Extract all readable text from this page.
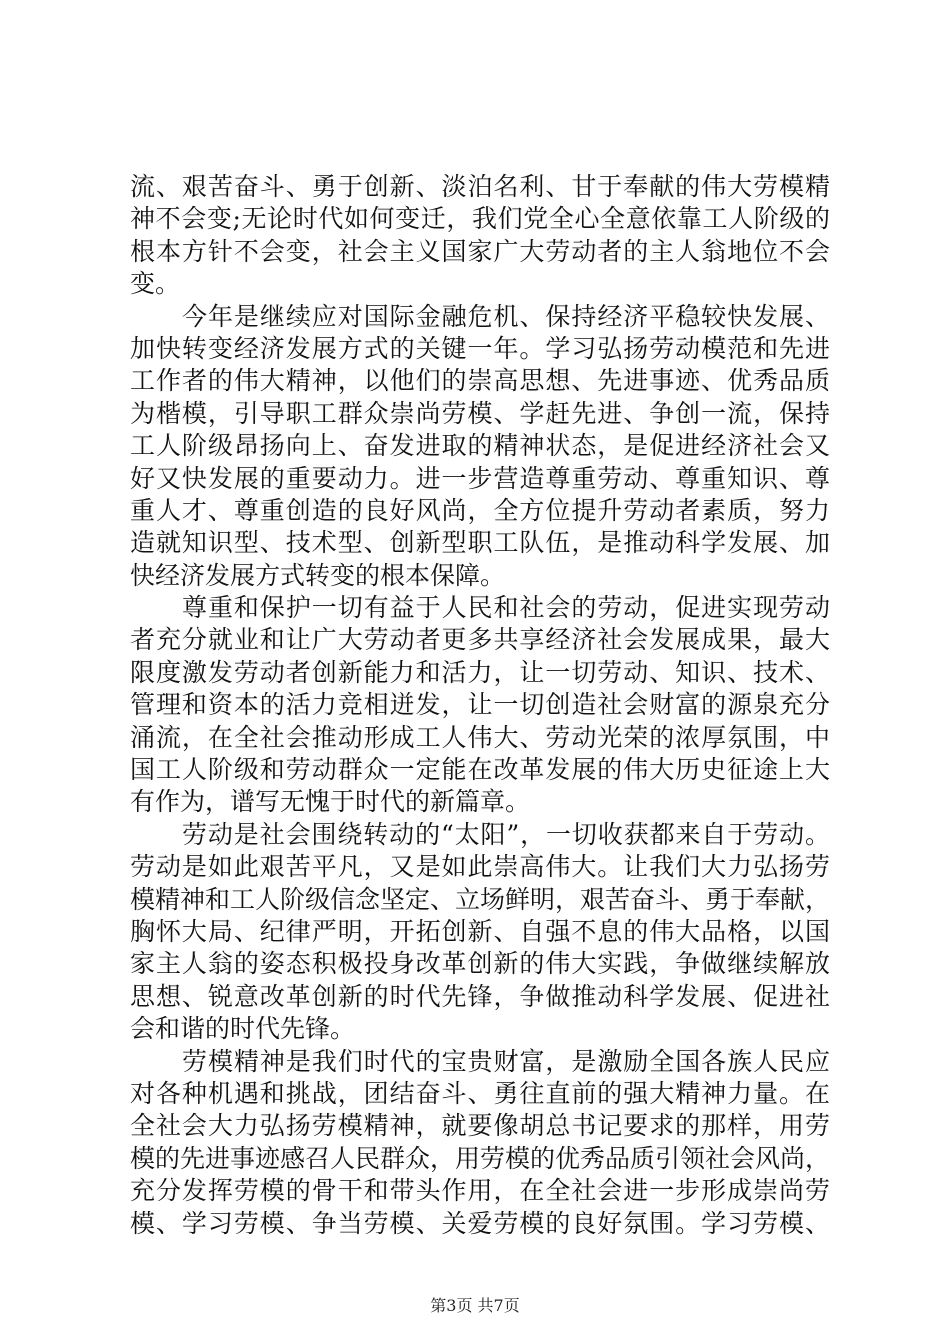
流、艰苦奋斗、勇于创新、淡泊名利、甘于奉献的伟大劳模精
神不会变;无论时代如何变迁，我们党全心全意依靠工人阶级的
根本方针不会变，社会主义国家广大劳动者的主人翁地位不会
变。
今年是继续应对国际金融危机、保持经济平稳较快发展、
加快转变经济发展方式的关键一年。学习弘扬劳动模范和先进
工作者的伟大精神，以他们的崇高思想、先进事迹、优秀品质
为楷模，引导职工群众崇尚劳模、学赶先进、争创一流，保持
工人阶级昂扬向上、奋发进取的精神状态，是促进经济社会又
好又快发展的重要动力。进一步营造尊重劳动、尊重知识、尊
重人才、尊重创造的良好风尚，全方位提升劳动者素质，努力
造就知识型、技术型、创新型职工队伍，是推动科学发展、加
快经济发展方式转变的根本保障。
尊重和保护一切有益于人民和社会的劳动，促进实现劳动
者充分就业和让广大劳动者更多共享经济社会发展成果，最大
限度激发劳动者创新能力和活力，让一切劳动、知识、技术、
管理和资本的活力竞相迸发，让一切创造社会财富的源泉充分
涌流，在全社会推动形成工人伟大、劳动光荣的浓厚氛围，中
国工人阶级和劳动群众一定能在改革发展的伟大历史征途上大
有作为，谱写无愧于时代的新篇章。
劳动是社会围绕转动的“太阳”，一切收获都来自于劳动。
劳动是如此艰苦平凡，又是如此崇高伟大。让我们大力弘扬劳
模精神和工人阶级信念坚定、立场鲜明，艰苦奋斗、勇于奉献，
胸怀大局、纪律严明，开拓创新、自强不息的伟大品格，以国
家主人翁的姿态积极投身改革创新的伟大实践，争做继续解放
思想、锐意改革创新的时代先锋，争做推动科学发展、促进社
会和谐的时代先锋。
劳模精神是我们时代的宝贵财富，是激励全国各族人民应
对各种机遇和挑战，团结奋斗、勇往直前的强大精神力量。在
全社会大力弘扬劳模精神，就要像胡总书记要求的那样，用劳
模的先进事迹感召人民群众，用劳模的优秀品质引领社会风尚，
充分发挥劳模的骨干和带头作用，在全社会进一步形成崇尚劳
模、学习劳模、争当劳模、关爱劳模的良好氛围。学习劳模、
第3页 共7页
